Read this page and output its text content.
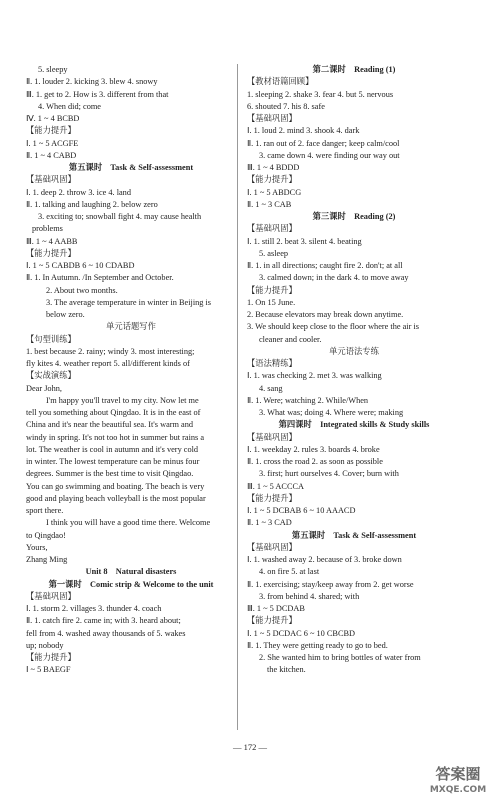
5. sleepy
Ⅱ. 1. louder 2. kicking 3. blew 4. snowy
Ⅲ. 1. get to 2. How is 3. different from that
4. When did; come
Ⅳ. 1 ~ 4 BCBD
【能力提升】
Ⅰ. 1 ~ 5 ACGFE
Ⅱ. 1 ~ 4 CABD
第五课时　Task & Self-assessment
【基础巩固】
Ⅰ. 1. deep 2. throw 3. ice 4. land
Ⅱ. 1. talking and laughing 2. below zero
3. exciting to; snowball fight 4. may cause health
problems
Ⅲ. 1 ~ 4 AABB
【能力提升】
Ⅰ. 1 ~ 5 CABDB 6 ~ 10 CDABD
Ⅱ. 1. In Autumn. /In September and October.
2. About two months.
3. The average temperature in winter in Beijing is
below zero.
单元话题写作
【句型训练】
1. best because 2. rainy; windy 3. most interesting;
fly kites 4. weather report 5. all/different kinds of
【实战演练】
Dear John,
I'm happy you'll travel to my city. Now let me
tell you something about Qingdao. It is in the east of
China and it's near the beautiful sea. It's warm and
windy in spring. It's not too hot in summer but rains a
lot. The weather is cool in autumn and it's very cold
in winter. The lowest temperature can be minus four
degrees. Summer is the best time to visit Qingdao.
You can go swimming and boating. The beach is very
good and playing beach volleyball is the most popular
sport there.
I think you will have a good time there. Welcome
to Qingdao!
Yours,
Zhang Ming
Unit 8　Natural disasters
第一课时　Comic strip & Welcome to the unit
【基础巩固】
Ⅰ. 1. storm 2. villages 3. thunder 4. coach
Ⅱ. 1. catch fire 2. came in; with 3. heard about;
fell from 4. washed away thousands of 5. wakes
up; nobody
【能力提升】
Ⅰ ~ 5 BAEGF
第二课时　Reading (1)
【教材语篇回顾】
1. sleeping 2. shake 3. fear 4. but 5. nervous
6. shouted 7. his 8. safe
【基础巩固】
Ⅰ. 1. loud 2. mind 3. shook 4. dark
Ⅱ. 1. ran out of 2. face danger; keep calm/cool
3. came down 4. were finding our way out
Ⅲ. 1 ~ 4 BDDD
【能力提升】
Ⅰ. 1 ~ 5 ABDCG
Ⅱ. 1 ~ 3 CAB
第三课时　Reading (2)
【基础巩固】
Ⅰ. 1. still 2. beat 3. silent 4. beating
5. asleep
Ⅱ. 1. in all directions; caught fire 2. don't; at all
3. calmed down; in the dark 4. to move away
【能力提升】
1. On 15 June.
2. Because elevators may break down anytime.
3. We should keep close to the floor where the air is
cleaner and cooler.
单元语法专练
【语法精练】
Ⅰ. 1. was checking 2. met 3. was walking
4. sang
Ⅱ. 1. Were; watching 2. While/When
3. What was; doing 4. Where were; making
第四课时　Integrated skills & Study skills
【基础巩固】
Ⅰ. 1. weekday 2. rules 3. boards 4. broke
Ⅱ. 1. cross the road 2. as soon as possible
3. first; hurt ourselves 4. Cover; burn with
Ⅲ. 1 ~ 5 ACCCA
【能力提升】
Ⅰ. 1 ~ 5 DCBAB 6 ~ 10 AAACD
Ⅱ. 1 ~ 3 CAD
第五课时　Task & Self-assessment
【基础巩固】
Ⅰ. 1. washed away 2. because of 3. broke down
4. on fire 5. at last
Ⅱ. 1. exercising; stay/keep away from 2. get worse
3. from behind 4. shared; with
Ⅲ. 1 ~ 5 DCDAB
【能力提升】
Ⅰ. 1 ~ 5 DCDAC 6 ~ 10 CBCBD
Ⅱ. 1. They were getting ready to go to bed.
2. She wanted him to bring bottles of water from
the kitchen.
— 172 —
答案圈
MXQE.COM
